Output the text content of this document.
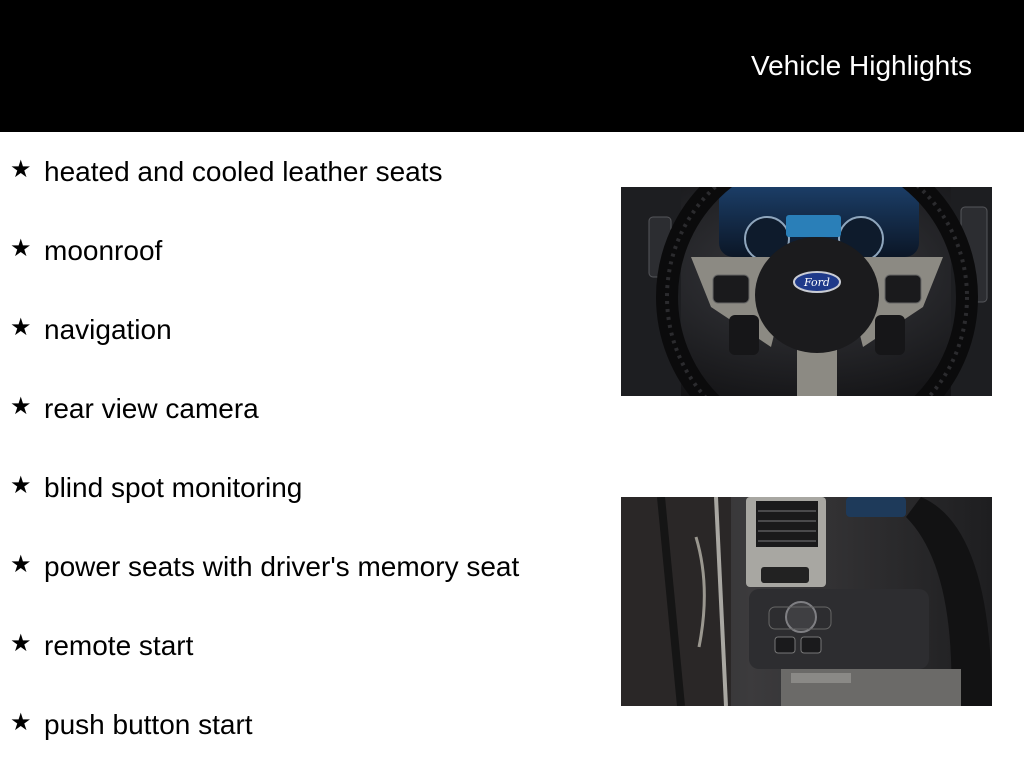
Vehicle Highlights
★ heated and cooled leather seats
★ moonroof
★ navigation
★ rear view camera
★ blind spot monitoring
★ power seats with driver's memory seat
★ remote start
★ push button start
Ford
